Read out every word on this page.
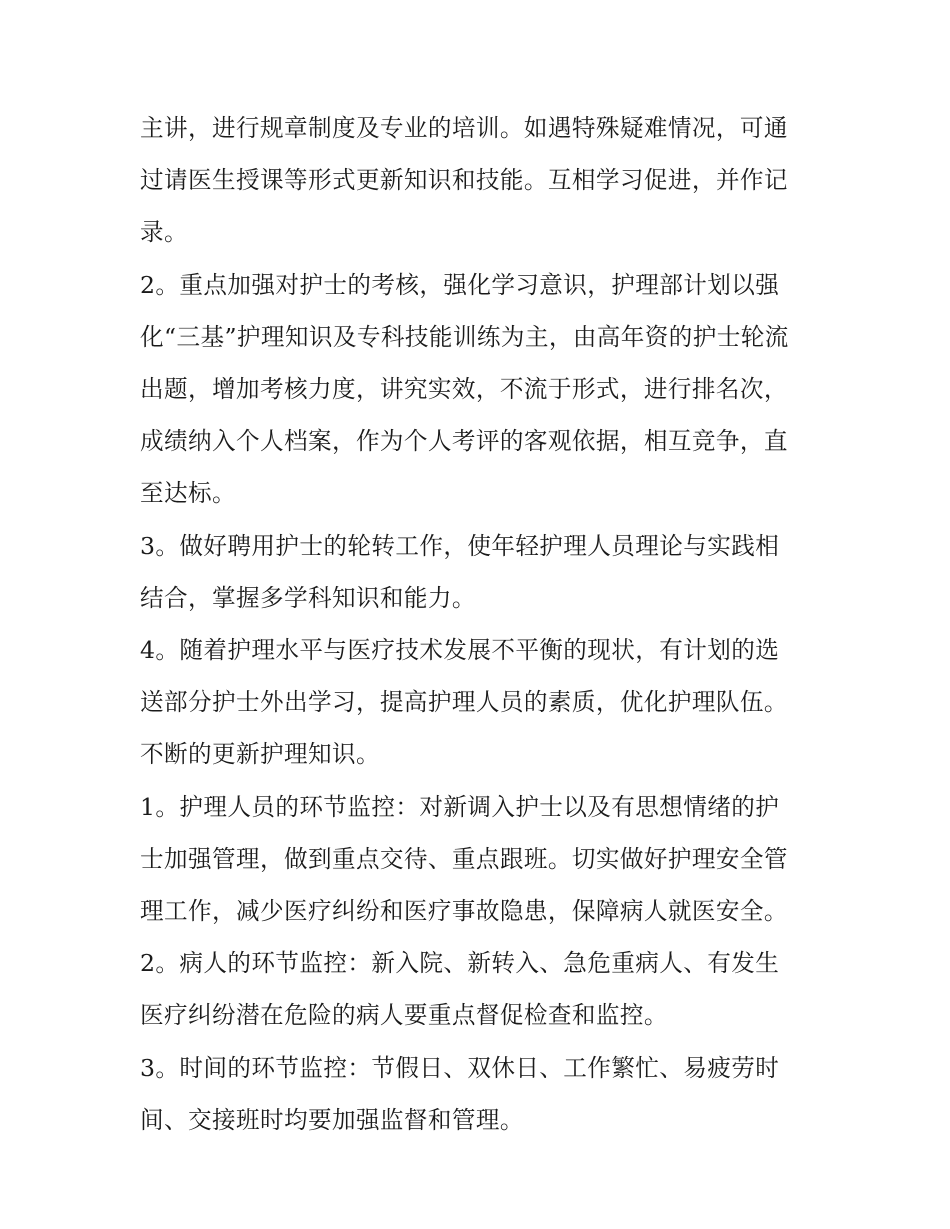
主讲，进行规章制度及专业的培训。如遇特殊疑难情况，可通
过请医生授课等形式更新知识和技能。互相学习促进，并作记
录。

2。重点加强对护士的考核，强化学习意识，护理部计划以强
化“三基”护理知识及专科技能训练为主，由高年资的护士轮流
出题，增加考核力度，讲究实效，不流于形式，进行排名次，
成绩纳入个人档案，作为个人考评的客观依据，相互竞争，直
至达标。

3。做好聘用护士的轮转工作，使年轻护理人员理论与实践相
结合，掌握多学科知识和能力。

4。随着护理水平与医疗技术发展不平衡的现状，有计划的选
送部分护士外出学习，提高护理人员的素质，优化护理队伍。
不断的更新护理知识。

1。护理人员的环节监控：对新调入护士以及有思想情绪的护
士加强管理，做到重点交待、重点跟班。切实做好护理安全管
理工作，减少医疗纠纷和医疗事故隐患，保障病人就医安全。

2。病人的环节监控：新入院、新转入、急危重病人、有发生
医疗纠纷潜在危险的病人要重点督促检查和监控。

3。时间的环节监控：节假日、双休日、工作繁忙、易疲劳时
间、交接班时均要加强监督和管理。
